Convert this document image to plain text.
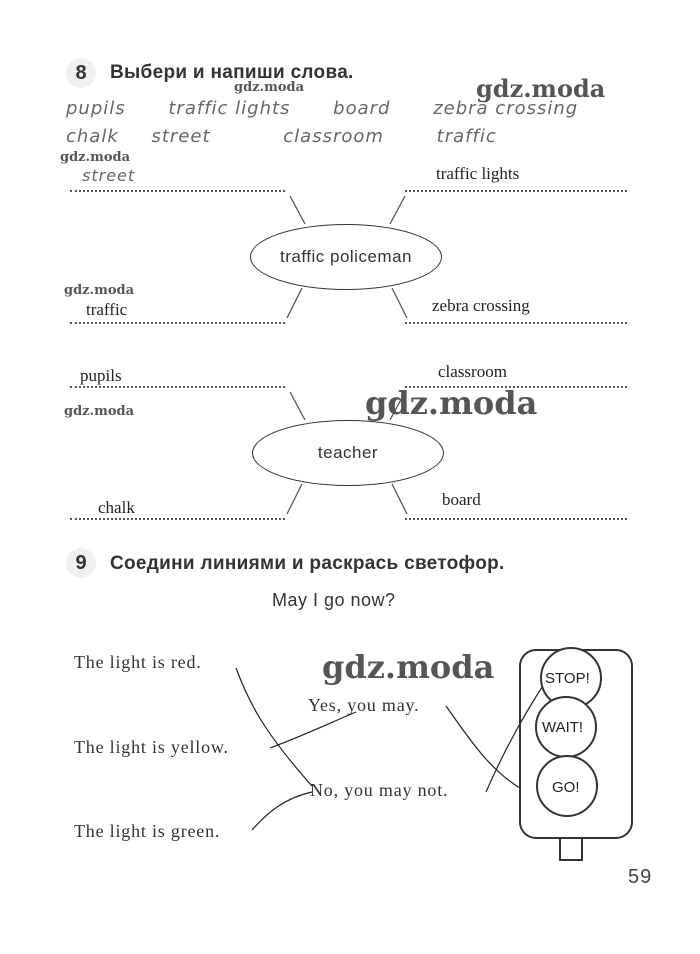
8	Выбери и напиши слова.
pupils traffic lights board zebra crossing
chalk street	classroom	traffic
street	traffic lights
traffic	zebra crossing
traffic policeman
pupils	classroom
chalk	board
teacher
gdz.moda	gdz.moda
gdz.moda
gdz.moda
gdz.moda	gdz.moda
gdz.moda
9	Соедини линиями и раскрась светофор.
May I go now?
The light is red.
The light is yellow.
The light is green.
Yes, you may.
No, you may not.
STOP!
WAIT!
GO!
59
